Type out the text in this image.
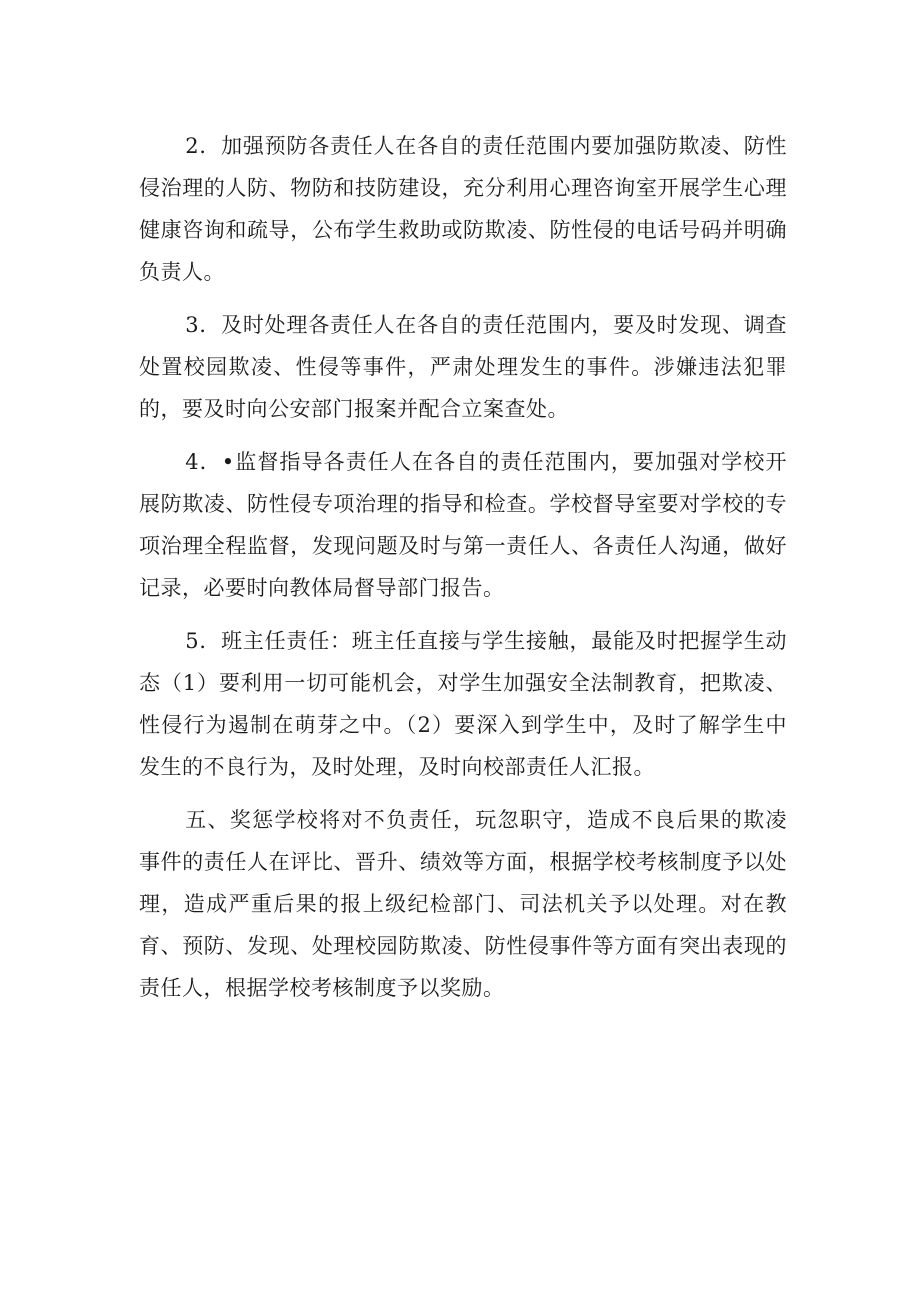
2．加强预防各责任人在各自的责任范围内要加强防欺凌、防性侵治理的人防、物防和技防建设，充分利用心理咨询室开展学生心理健康咨询和疏导，公布学生救助或防欺凌、防性侵的电话号码并明确负责人。

3．及时处理各责任人在各自的责任范围内，要及时发现、调查处置校园欺凌、性侵等事件，严肃处理发生的事件。涉嫌违法犯罪的，要及时向公安部门报案并配合立案查处。

4．•监督指导各责任人在各自的责任范围内，要加强对学校开展防欺凌、防性侵专项治理的指导和检查。学校督导室要对学校的专项治理全程监督，发现问题及时与第一责任人、各责任人沟通，做好记录，必要时向教体局督导部门报告。

5．班主任责任：班主任直接与学生接触，最能及时把握学生动态（1）要利用一切可能机会，对学生加强安全法制教育，把欺凌、性侵行为遏制在萌芽之中。（2）要深入到学生中，及时了解学生中发生的不良行为，及时处理，及时向校部责任人汇报。

五、奖惩学校将对不负责任，玩忽职守，造成不良后果的欺凌事件的责任人在评比、晋升、绩效等方面，根据学校考核制度予以处理，造成严重后果的报上级纪检部门、司法机关予以处理。对在教育、预防、发现、处理校园防欺凌、防性侵事件等方面有突出表现的责任人，根据学校考核制度予以奖励。
